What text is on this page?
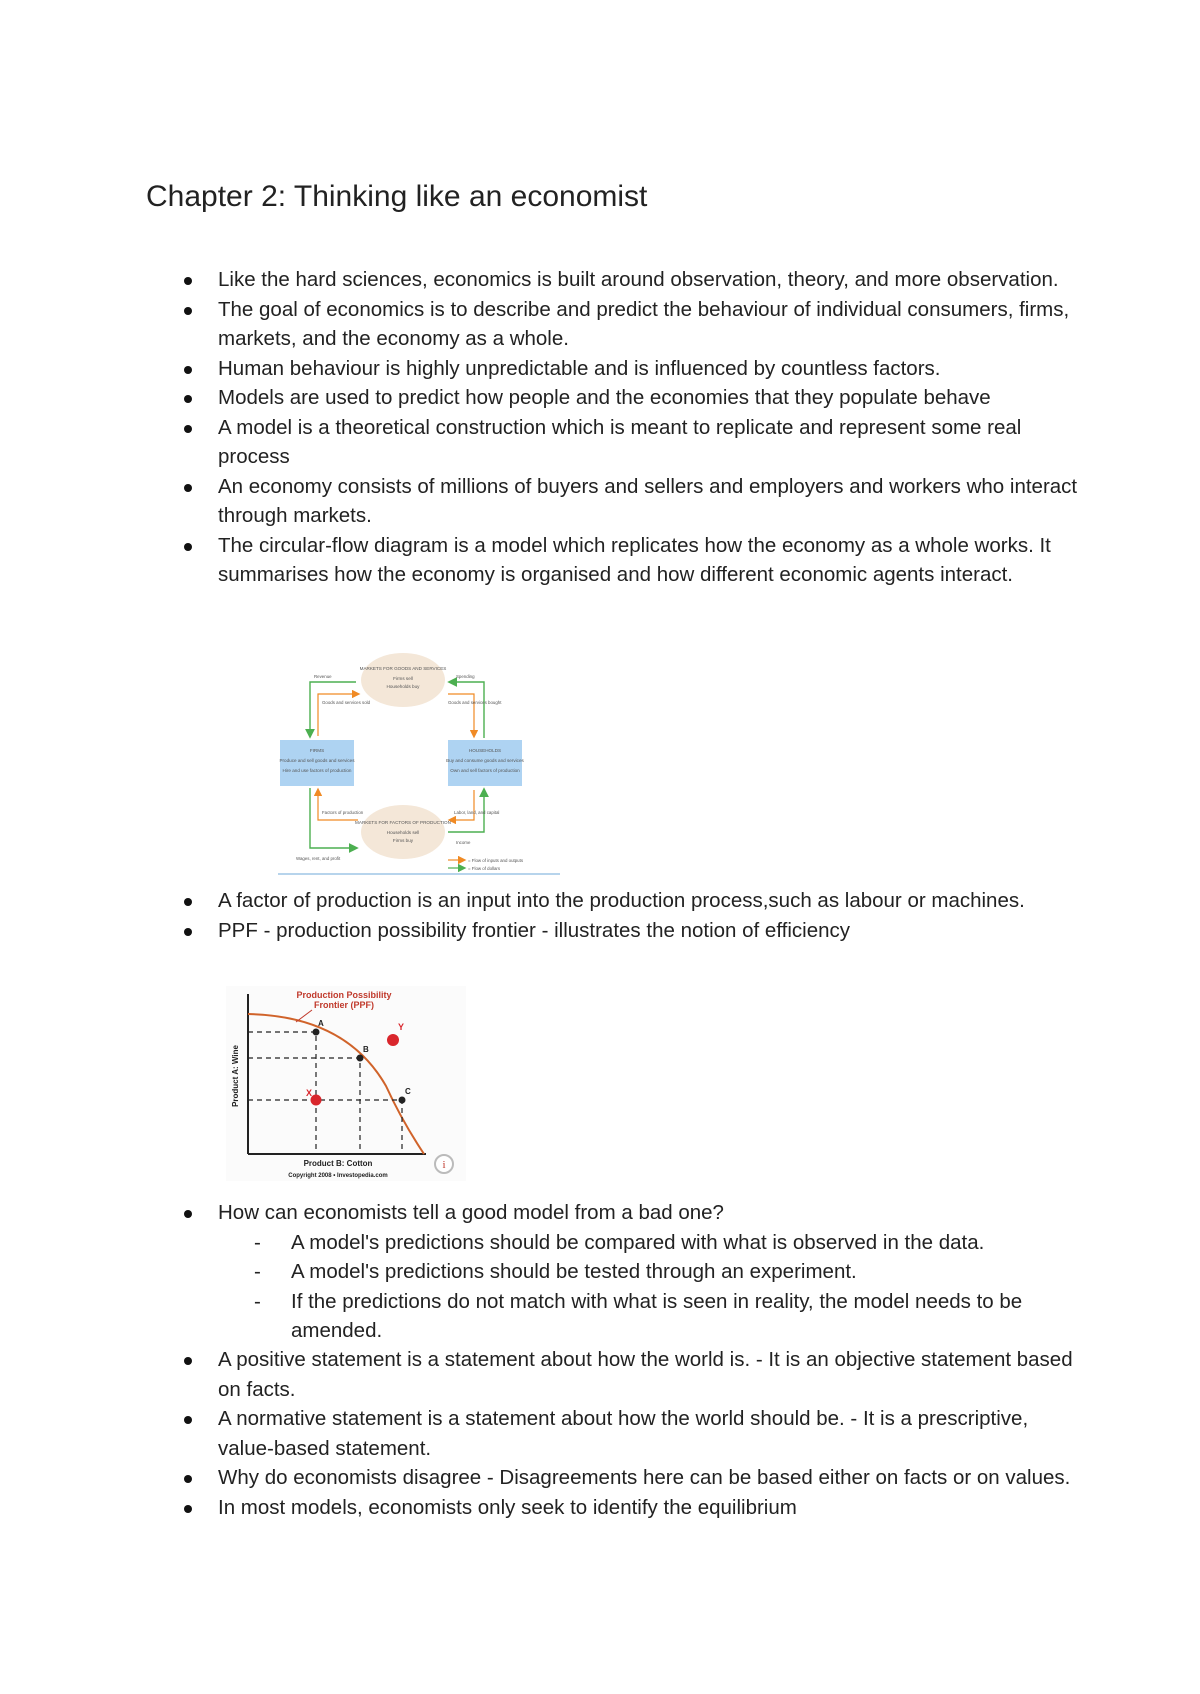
Chapter 2: Thinking like an economist
Like the hard sciences, economics is built around observation, theory, and more observation.
The goal of economics is to describe and predict the behaviour of individual consumers, firms, markets, and the economy as a whole.
Human behaviour is highly unpredictable and is influenced by countless factors.
Models are used to predict how people and the economies that they populate behave
A model is a theoretical construction which is meant to replicate and represent some real process
An economy consists of millions of buyers and sellers and employers and workers who interact through markets.
The circular-flow diagram is a model which replicates how the economy as a whole works. It summarises how the economy is organised and how different economic agents interact.
MARKETS FOR GOODS AND SERVICES
Firms sell
Households buy
MARKETS FOR FACTORS OF PRODUCTION
Households sell
Firms buy
FIRMS
Produce and sell goods and services
Hire and use factors of production
HOUSEHOLDS
Buy and consume goods and services
Own and sell factors of production
Revenue
Goods and services sold
Spending
Goods and services bought
Factors of production
Wages, rent, and profit
Labor, land, and capital
Income
= Flow of inputs and outputs
= Flow of dollars
A factor of production is an input into the production process,such as labour or machines.
PPF - production possibility frontier - illustrates the notion of efficiency
i
Production Possibility
Frontier (PPF)
A
B
C
X
Y
Product B: Cotton
Copyright 2008 • Investopedia.com
Product A: Wine
How can economists tell a good model from a bad one?
- A model's predictions should be compared with what is observed in the data.
- A model's predictions should be tested through an experiment.
- If the predictions do not match with what is seen in reality, the model needs to be amended.
A positive statement is a statement about how the world is. - It is an objective statement based on facts.
A normative statement is a statement about how the world should be. - It is a prescriptive, value-based statement.
Why do economists disagree - Disagreements here can be based either on facts or on values.
In most models, economists only seek to identify the equilibrium
